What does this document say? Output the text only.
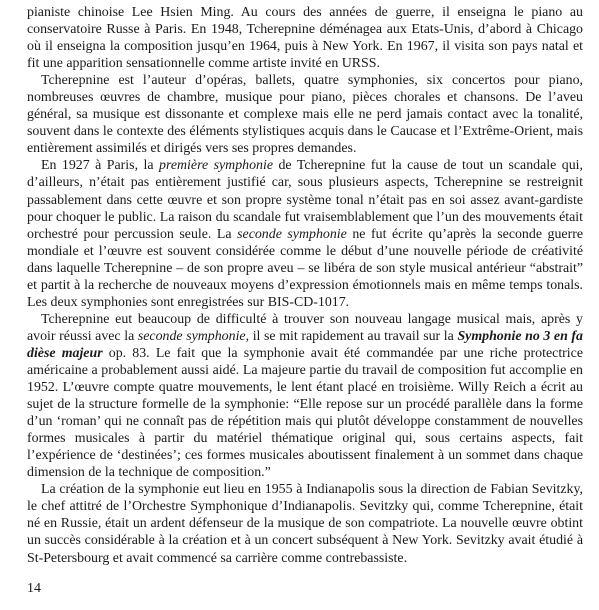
pianiste chinoise Lee Hsien Ming. Au cours des années de guerre, il enseigna le piano au conservatoire Russe à Paris. En 1948, Tcherepnine déménagea aux Etats-Unis, d’abord à Chicago où il enseigna la composition jusqu’en 1964, puis à New York. En 1967, il visita son pays natal et fit une apparition sensationnelle comme artiste invité en URSS.

Tcherepnine est l’auteur d’opéras, ballets, quatre symphonies, six concertos pour piano, nombreuses œuvres de chambre, musique pour piano, pièces chorales et chansons. De l’aveu général, sa musique est dissonante et complexe mais elle ne perd jamais contact avec la tonalité, souvent dans le contexte des éléments stylistiques acquis dans le Caucase et l’Extrême-Orient, mais entièrement assimilés et dirigés vers ses propres demandes.

En 1927 à Paris, la première symphonie de Tcherepnine fut la cause de tout un scandale qui, d’ailleurs, n’était pas entièrement justifié car, sous plusieurs aspects, Tcherepnine se restreignit passablement dans cette œuvre et son propre système tonal n’était pas en soi assez avant-gardiste pour choquer le public. La raison du scandale fut vraisemblablement que l’un des mouvements était orchestré pour percussion seule. La seconde symphonie ne fut écrite qu’après la seconde guerre mondiale et l’œuvre est souvent considérée comme le début d’une nouvelle période de créativité dans laquelle Tcherepnine – de son propre aveu – se libéra de son style musical antérieur “abstrait” et partit à la recherche de nouveaux moyens d’expression émotionnels mais en même temps tonals. Les deux symphonies sont enregistrées sur BIS-CD-1017.

Tcherepnine eut beaucoup de difficulté à trouver son nouveau langage musical mais, après y avoir réussi avec la seconde symphonie, il se mit rapidement au travail sur la Symphonie no 3 en fa dièse majeur op. 83. Le fait que la symphonie avait été commandée par une riche protectrice américaine a probablement aussi aidé. La majeure partie du travail de composition fut accomplie en 1952. L’œuvre compte quatre mouvements, le lent étant placé en troisième. Willy Reich a écrit au sujet de la structure formelle de la symphonie: “Elle repose sur un procédé parallèle dans la forme d’un ‘roman’ qui ne connaît pas de répétition mais qui plutôt développe constamment de nouvelles formes musicales à partir du matériel thématique original qui, sous certains aspects, fait l’expérience de ‘destinées’; ces formes musicales aboutissent finalement à un sommet dans chaque dimension de la technique de composition.”

La création de la symphonie eut lieu en 1955 à Indianapolis sous la direction de Fabian Sevitzky, le chef attitré de l’Orchestre Symphonique d’Indianapolis. Sevitzky qui, comme Tcherepnine, était né en Russie, était un ardent défenseur de la musique de son compatriote. La nouvelle œuvre obtint un succès considérable à la création et à un concert subséquent à New York. Sevitzky avait étudié à St-Petersbourg et avait commencé sa carrière comme contrebassiste.

14
